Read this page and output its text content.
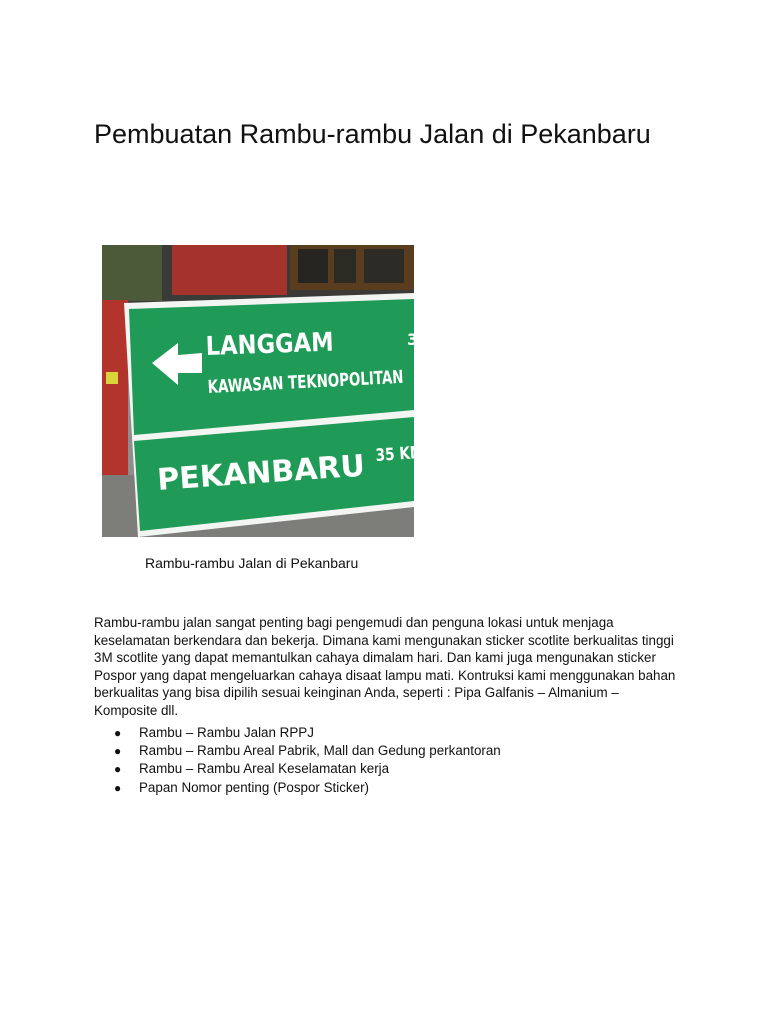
Pembuatan Rambu-rambu Jalan di Pekanbaru
LANGGAM	3
KAWASAN TEKNOPOLITAN
PEKANBARU 35 KM
Rambu-rambu Jalan di Pekanbaru

Rambu-rambu jalan sangat penting bagi pengemudi dan penguna lokasi untuk menjaga keselamatan berkendara dan bekerja. Dimana kami mengunakan sticker scotlite berkualitas tinggi 3M scotlite yang dapat memantulkan cahaya dimalam hari. Dan kami juga mengunakan sticker Pospor yang dapat mengeluarkan cahaya disaat lampu mati. Kontruksi kami menggunakan bahan berkualitas yang bisa dipilih sesuai keinginan Anda, seperti : Pipa Galfanis – Almanium – Komposite dll.

● Rambu – Rambu Jalan RPPJ
● Rambu – Rambu Areal Pabrik, Mall dan Gedung perkantoran
● Rambu – Rambu Areal Keselamatan kerja
● Papan Nomor penting (Pospor Sticker)
